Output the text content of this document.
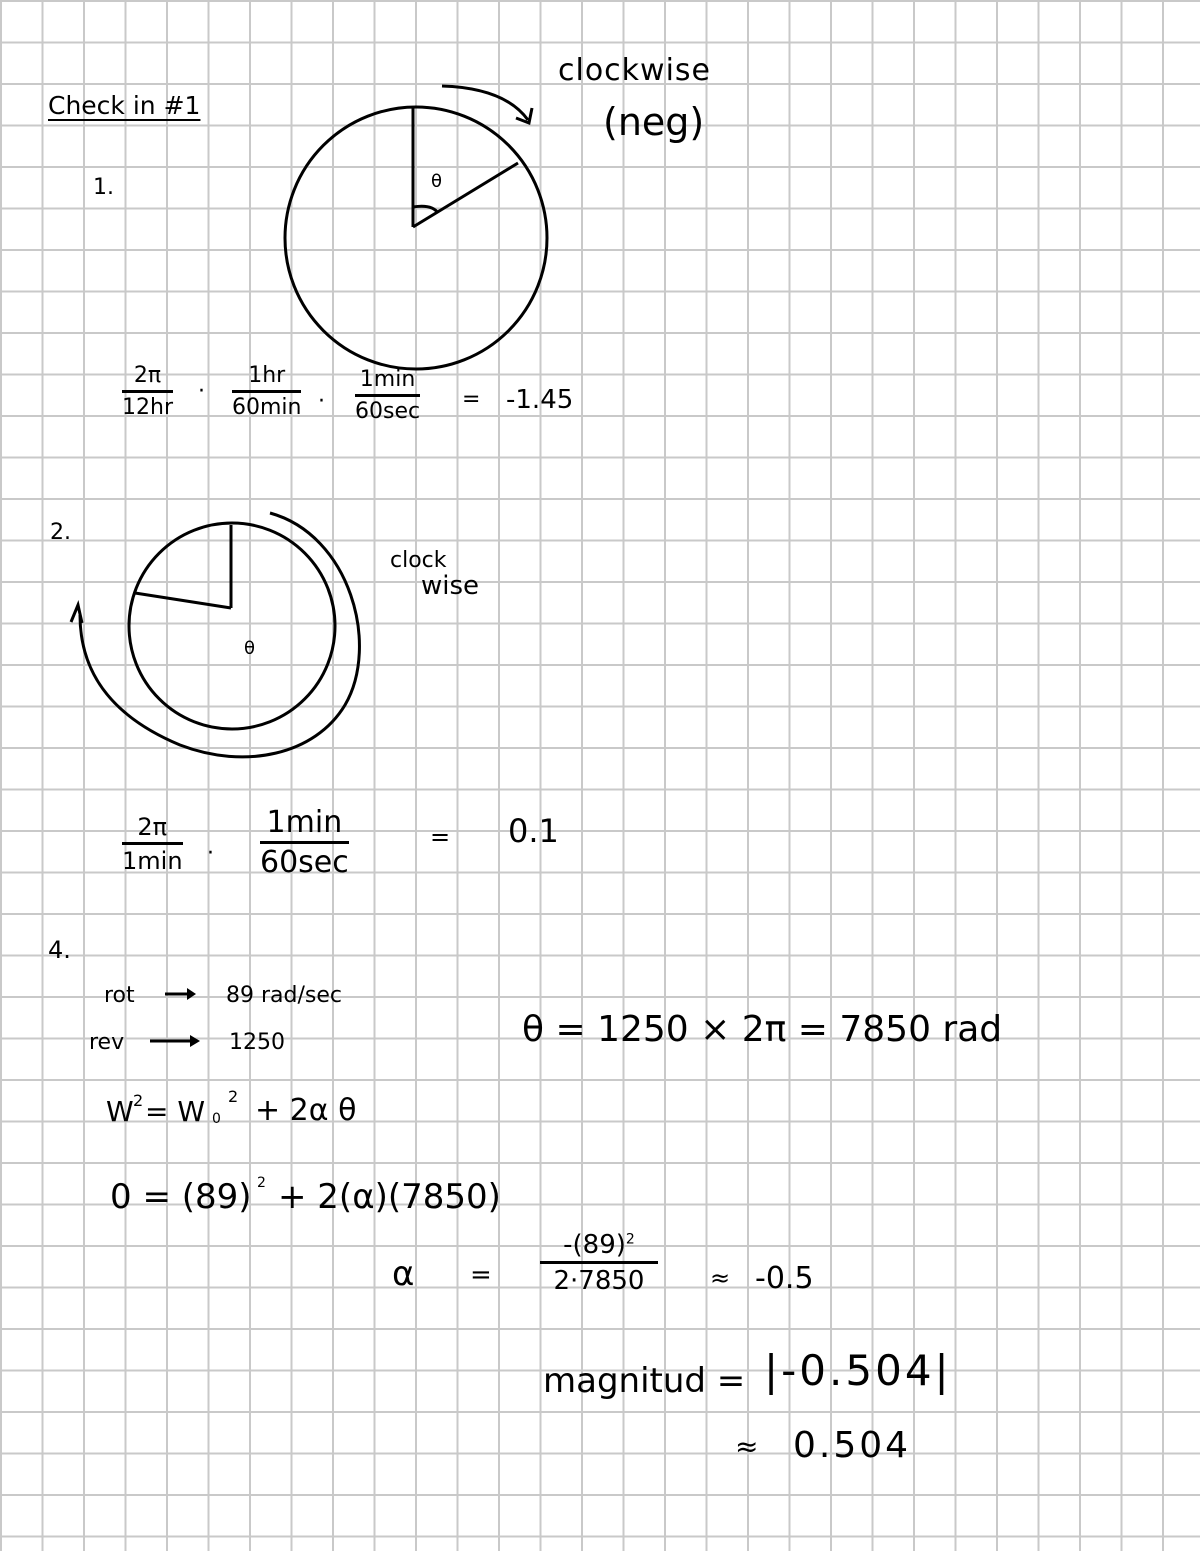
Check in #1
1.	θ
clockwise
(neg)
2π
12hr
·
1hr
60min ·
1min
60sec = -1.45
2.
θ
clock
wise
2π
1min ·
1min
60sec
= 0.1
4.
rot	89 rad/sec
rev	1250	θ = 1250 × 2π = 7850 rad
W 2 = W 0
2 + 2α θ
0 = (89) 2 + 2(α)(7850)
α =
$-(89)^2$
2·7850	≈ -0.5
magnitud = |-0.504|
≈ 0.504
